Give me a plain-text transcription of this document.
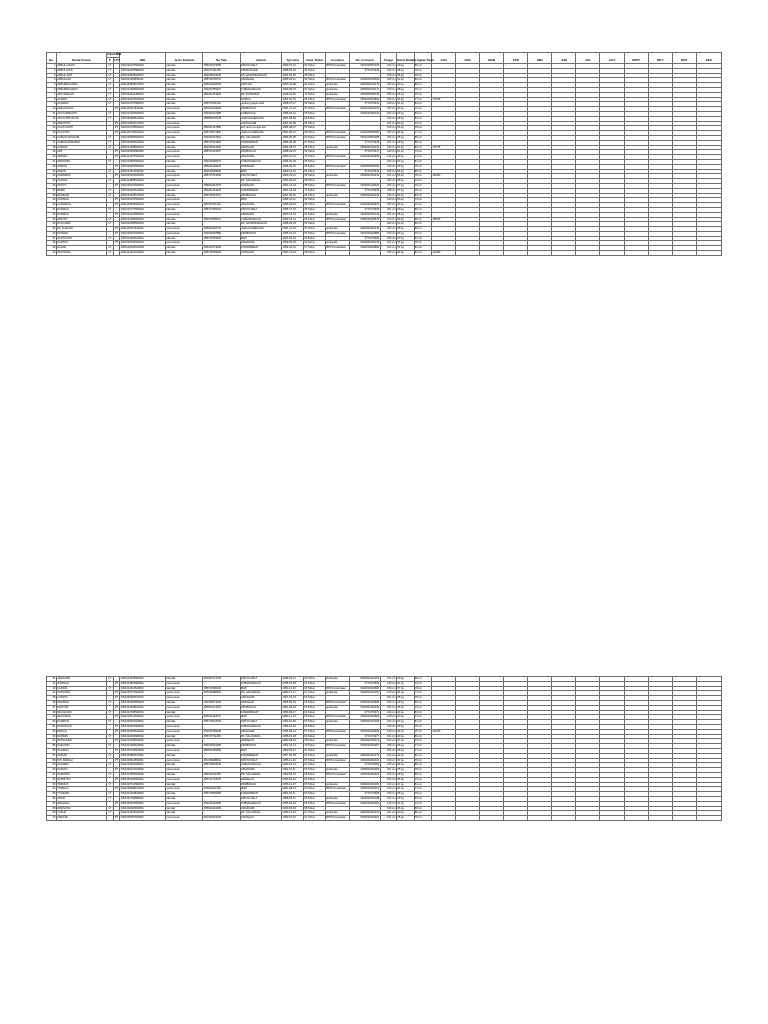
No.	Nama Pasien	KELAMIN		NIK	Jenis Kelamin	No Telp	Alamat	Tgl Lahir	Umur Tahun	Asuransi	No. Asuransi	Tinggi	Berat Badan	Lingkar Perut	JAN	FEB	MAR	APR	MEI	JUN	JUL	AGT	SEPT	OKT	NOV	DES
		P	LPT																							
1	ABDUL HALIM	LT		3301040107600001	laki-laki	085226473050	KROYA WALT	1960-07-01	61 Tahun	BPJS Kesehatan	0002033570100	160 cm	60 kg	80 cm				✓								
2	ABDUL RAIS	LT		3301040405580002	laki-laki	081227411180	KROKAN PAE	1958-05-04	63 Tahun		0772179440	162 cm	58 kg	79 cm												
3	ABDUL AZIZ	LT		3301040504620001	laki-laki	082236015006	DS. ARJAWINANGUN	1962-04-05	59 Tahun			158 cm	55 kg	78 cm												
4	ABDULLAH	LT		3301041103550001	laki-laki	085728726707	SAWAHAN	1955-03-11	66 Tahun	BPJS Kesehatan	0002043230800	165 cm	62 kg	82 cm												
5	ABDURRAHMAN	LT		3301040802570001	laki-laki	082225320066	KAPLING	1957-02-08	64 Tahun	jamkesda	0002052234170	160 cm	60 kg	80 cm												
6	ABDURRAHMAN	LT		3301041506600002	laki-laki	081327655427	KUBANGKECAH	1960-06-15	61 Tahun	jamkesda	0002052234171	159 cm	58 kg	79 cm												
7	ABU TAMHAN	LT		3301042010490001	laki-laki	082221421900	DS. ARJAWINA	1949-10-20	72 Tahun	jamkesda	0002066409730	155 cm	54 kg	76 cm												
8	ACHADI	LT		3301040101530004	laki-laki		SOSKAI	1953-01-01	68 Tahun	BPJS Kesehatan	0002033494820	156 cm	55 kg	77 cm	170/90											
9	ACHMAD	LT		3301041707580001	laki-laki	085727611040	randeng pagar kidul	1958-07-17	63 Tahun		0772179441	163 cm	61 kg	81 cm												
10	ADE ROHANI		PT	3301045611640001	perempuan	081542129690	KROBOKAN	1964-11-16	57 Tahun	BPJS Kesehatan	0002019504150	150 cm	52 kg	75 cm												
11	ADI PURWANTO	LT		3301041203560001	laki-laki	081326212385	KUBANGCE	1956-03-12	65 Tahun		0002046184010	162 cm	63 kg	83 cm												
12	ADI SUPRIYANTO	LT		3301040908610001	laki-laki	085866000068	JAEN HUSEINANG	1961-08-09	60 Tahun			164 cm	64 kg	84 cm												
13	AFRIATUN		PT	3301044504570001	perempuan		JAEN HUSEI	1957-04-05	64 Tahun			151 cm	50 kg	74 cm												
14	AGUS SANTI		PT	3301044708640001	perempuan	081542127880	keb ranpu sungai asri	1964-08-07	57 Tahun			152 cm	56 kg	78 cm												
15	AGUSTINI		PT	3301046708620001	perempuan	085726017800	JAEN HUSEINANG	1962-08-27	59 Tahun	BPJS Kesehatan	0002040581060	150 cm	54 kg	77 cm												
16	AHMAD MASHURI	LT		3301040505590001	laki-laki	081327621502	DS. SALAWANG	1959-05-05	62 Tahun	BPJS Kesehatan	0002040581068	166 cm	65 kg	85 cm												
17	AHMAD NURHIDIN	LT		3301040908540002	laki-laki	085747521990	KURANBARAT	1954-08-09	67 Tahun		0772179445	161 cm	60 kg	80 cm												
18	AHMADI	LT		3301041508630001	laki-laki	081326312060	SAWAHAN	1963-08-15	58 Tahun	jamkesda	0002062164130	163 cm	62 kg	82 cm	170/75											
19	AINI		PT	3301045502580002	perempuan	085747621007	KROBOKAN	1958-02-15	63 Tahun		0772179447	149 cm	51 kg	74 cm												
20	AMINAH		PT	3301044107500001	perempuan		ARGASARI	1950-07-01	71 Tahun	BPJS Kesehatan	0002033494858	148 cm	49 kg	73 cm												
21	AMIRUDIN	LT		3301042806560001	laki-laki	082225345070	KUBANGKECAH	1956-06-28	65 Tahun			162 cm	61 kg	81 cm												
22	ANISAH		PT	3301045909550001	perempuan	085201346022	SAWAHAN	1955-09-19	66 Tahun	BPJS Kesehatan	0002055290350	150 cm	53 kg	76 cm												
23	ARIFIN	LT		3301041011600002	laki-laki	081542083060	MIRI	1960-11-10	61 Tahun		0772179449	165 cm	66 kg	86 cm												
24	ASMAWATI		PT	3301045203620003	perempuan	085727621430	KROYA WALT	1962-03-12	59 Tahun	jamkesda	0002062164136	151 cm	55 kg	78 cm	120/80											
25	ASNAWI	LT		3301041808530001	laki-laki		DS. SALAWANG	1953-08-18	68 Tahun			160 cm	58 kg	79 cm												
26	ASTUTI		PT	3301046412630001	perempuan	085602342070	SAWAHAN	1963-12-24	58 Tahun	BPJS Kesehatan	0002061229420	152 cm	57 kg	79 cm												
27	BAKRI	LT		3301040304510001	laki-laki	082221441020	KURANBARAT	1951-04-03	70 Tahun		0772179452	158 cm	57 kg	78 cm												
28	BUDIMAN	LT		3301042206570003	laki-laki	085726437021	KROBOKAN	1957-06-22	64 Tahun	jamkesda	0002062164139	164 cm	63 kg	83 cm												
29	CARSIAH		PT	3301045101590002	perempuan		MIRI	1959-01-11	62 Tahun			149 cm	50 kg	74 cm												
30	CASMINAH		PT	3301046309560001	perempuan	081327611091	ARGASARI	1956-09-23	65 Tahun	BPJS Kesehatan	0002033494870	150 cm	52 kg	75 cm												
31	DARMAJI	LT		3301040707550002	laki-laki	085747652010	KROYA WALT	1955-07-07	66 Tahun		0772179455	161 cm	60 kg	80 cm												
32	DASIRAH		PT	3301044412600001	perempuan		SAWAHAN	1960-12-04	61 Tahun	jamkesda	0002062164142	151 cm	54 kg	77 cm												
33	DIMYATI	LT		3301041402520001	laki-laki	082225366012	KUBANGKECAH	1952-02-14	69 Tahun	BPJS Kesehatan	0002033494875	160 cm	59 kg	80 cm	150/90											
34	DULKAMID	LT		3301042508580001	laki-laki		DS. ARJAWINANGUN	1958-08-25	63 Tahun			163 cm	62 kg	82 cm												
35	ELI SUSANTI		PT	3301045511640002	perempuan	085602318770	JAEN HUSEINANG	1964-11-15	57 Tahun	jamkesda	0002062164146	152 cm	58 kg	80 cm												
36	FATIMAH		PT	3301045001550001	perempuan	081326245880	KROBOKAN	1955-01-10	66 Tahun	BPJS Kesehatan	0002033494880	150 cm	53 kg	76 cm												
37	HADIYANTO	LT		3301041909610001	laki-laki	085747681030	MIRI	1961-09-19	60 Tahun		0772179460	166 cm	67 kg	87 cm												
38	HARTINI		PT	3301046006590001	perempuan		ARGASARI	1959-06-20	62 Tahun	jamkesda	0002062164150	151 cm	55 kg	78 cm												
39	HASAN	LT		3301040102540003	laki-laki	082221473090	KURANBARAT	1954-02-01	67 Tahun	BPJS Kesehatan	0002033494884	162 cm	61 kg	81 cm												
40	ISKANDAR	LT		3301041612630002	laki-laki	085726499060	SAWAHAN	1963-12-16	58 Tahun			165 cm	64 kg	84 cm	130/80											
41	JAENUDIN	LT		3301042104560001	laki-laki	081542177010	KROYA WALT	1956-04-21	65 Tahun	jamkesda	0002062164156	161 cm	60 kg	80 cm												
42	JUMINAH		PT	3301044803580001	perempuan		KUBANGKECAH	1958-03-08	63 Tahun		0772179466	149 cm	51 kg	74 cm												
43	KARSIM	LT		3301041011520002	laki-laki	085747690040	MIRI	1952-11-10	69 Tahun	BPJS Kesehatan	0002033494890	159 cm	57 kg	78 cm												
44	KASTINAH		PT	3301045707600002	perempuan	082225388050	DS. SALAWANG	1960-07-17	61 Tahun	jamkesda	0002062164160	150 cm	54 kg	77 cm												
45	LASMINI		PT	3301046302570001	perempuan		ARGASARI	1957-02-23	64 Tahun			151 cm	55 kg	78 cm												
46	MAHMUD	LT		3301040305550004	laki-laki	081326271020	SAWAHAN	1955-05-03	66 Tahun	BPJS Kesehatan	0002033494895	163 cm	62 kg	82 cm												
47	MARYAM		PT	3301044409610001	perempuan	085602377010	KROBOKAN	1961-09-04	60 Tahun	jamkesda	0002062164164	152 cm	56 kg	79 cm												
48	MUCHLISIN	LT		3301041708590001	laki-laki		KURANBARAT	1959-08-17	62 Tahun		0772179472	164 cm	63 kg	83 cm												
49	MUSLIMAH		PT	3301045212530001	perempuan	082221491070	MIRI	1953-12-12	68 Tahun	BPJS Kesehatan	0002033494899	148 cm	50 kg	73 cm												
50	NASIRUN	LT		3301040601620001	laki-laki	085726512030	KROYA WALT	1962-01-06	59 Tahun	jamkesda	0002062164168	162 cm	61 kg	81 cm												
51	NURHAYATI		PT	3301046610560001	perempuan		KUBANGKECAH	1956-10-26	65 Tahun			150 cm	53 kg	76 cm												
52	PAINAH		PT	3301045405540002	perempuan	081542199040	ARGASARI	1954-05-14	67 Tahun	BPJS Kesehatan	0002033494903	149 cm	52 kg	75 cm	140/90											
53	RASIMIN	LT		3301042902580002	laki-laki	085747711060	DS. SALAWANG	1958-02-28	63 Tahun		0772179477	161 cm	60 kg	80 cm												
54	RATNASARI		PT	3301044208630001	perempuan		SAWAHAN	1963-08-02	58 Tahun	jamkesda	0002062164172	152 cm	57 kg	79 cm												
55	SAIFUDIN	LT		3301041303510001	laki-laki	082225401080	KROBOKAN	1951-03-13	70 Tahun	BPJS Kesehatan	0002033494907	158 cm	56 kg	77 cm												
56	SALIMAH		PT	3301046706600003	perempuan	085602399050	MIRI	1960-06-27	61 Tahun			151 cm	54 kg	77 cm												
57	SANUSI	LT		3301040809570001	laki-laki		KURANBARAT	1957-09-08	64 Tahun	jamkesda	0002062164176	163 cm	62 kg	82 cm												
58	SITI AMINAH		PT	3301045911550001	perempuan	081326298010	KROYA WALT	1955-11-19	66 Tahun	BPJS Kesehatan	0002033494911	150 cm	53 kg	76 cm												
59	SUKARDI	LT		3301042404600001	laki-laki	085726533040	KUBANGKECAH	1960-04-24	61 Tahun		0772179482	165 cm	65 kg	85 cm												
60	SUMIATI		PT	3301045101620002	perempuan		ARGASARI	1962-01-11	59 Tahun	jamkesda	0002062164180	151 cm	55 kg	78 cm												
61	SUPARNO	LT		3301041505530002	laki-laki	082221511050	DS. SALAWANG	1953-05-15	68 Tahun	BPJS Kesehatan	0002033494915	160 cm	59 kg	80 cm												
62	SUPRIYATI		PT	3301046203590001	perempuan	085747733070	SAWAHAN	1959-03-22	62 Tahun			152 cm	56 kg	79 cm												
63	TARMUJI	LT		3301040712560001	laki-laki		KROBOKAN	1956-12-07	65 Tahun	jamkesda	0002062164184	162 cm	61 kg	81 cm												
64	TASMIAH		PT	3301045508610002	perempuan	081542211060	MIRI	1961-08-15	60 Tahun	BPJS Kesehatan	0002033494919	150 cm	54 kg	77 cm												
65	TUGIMAN	LT		3301041102520003	laki-laki	085726555080	KURANBARAT	1952-02-11	69 Tahun		0772179488	159 cm	58 kg	79 cm												
66	UMAR	LT		3301042709580001	laki-laki		KROYA WALT	1958-09-27	63 Tahun	jamkesda	0002062164188	164 cm	63 kg	83 cm												
67	WAGINAH		PT	3301046404550001	perempuan	082225422090	KUBANGKECAH	1955-04-24	66 Tahun	BPJS Kesehatan	0002033494923	149 cm	51 kg	74 cm												
68	WARSONO	LT		3301040306630001	laki-laki	085602421080	ARGASARI	1963-06-03	58 Tahun			166 cm	66 kg	86 cm												
69	YUSUF	LT		3301041910540002	laki-laki		DS. SALAWANG	1954-10-19	67 Tahun	jamkesda	0002062164192	161 cm	60 kg	80 cm												
70	ZAENAB		PT	3301045007600001	perempuan	081326321020	SAWAHAN	1960-07-10	61 Tahun	BPJS Kesehatan	0002033494927	151 cm	55 kg	78 cm												
